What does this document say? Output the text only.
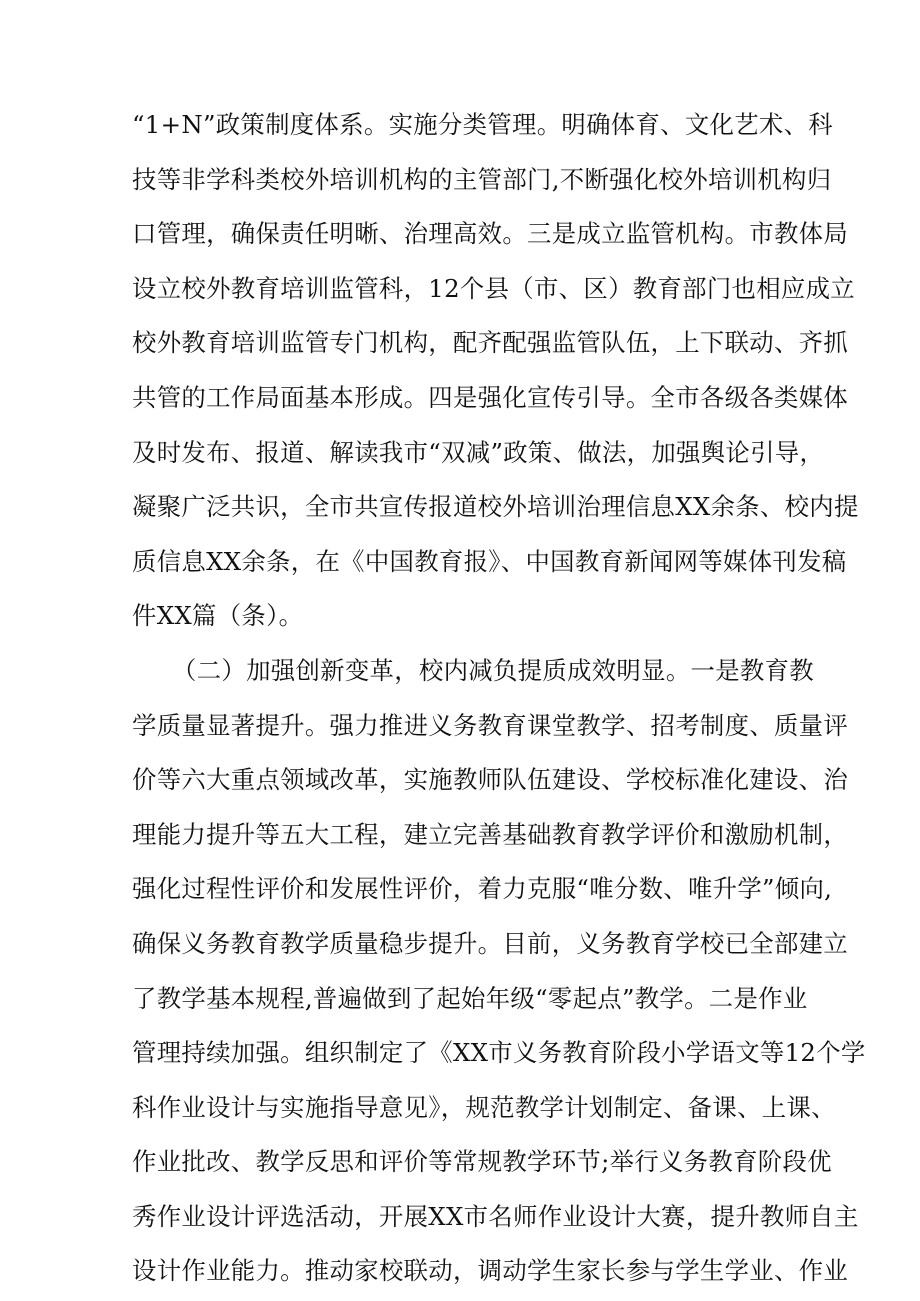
“1+N”政策制度体系。实施分类管理。明确体育、文化艺术、科
技等非学科类校外培训机构的主管部门,不断强化校外培训机构归
口管理，确保责任明晰、治理高效。三是成立监管机构。市教体局
设立校外教育培训监管科，12个县（市、区）教育部门也相应成立
校外教育培训监管专门机构，配齐配强监管队伍，上下联动、齐抓
共管的工作局面基本形成。四是强化宣传引导。全市各级各类媒体
及时发布、报道、解读我市“双减”政策、做法，加强舆论引导，
凝聚广泛共识，全市共宣传报道校外培训治理信息XX余条、校内提
质信息XX余条，在《中国教育报》、中国教育新闻网等媒体刊发稿
件XX篇（条）。
（二）加强创新变革，校内减负提质成效明显。一是教育教
学质量显著提升。强力推进义务教育课堂教学、招考制度、质量评
价等六大重点领域改革，实施教师队伍建设、学校标准化建设、治
理能力提升等五大工程，建立完善基础教育教学评价和激励机制，
强化过程性评价和发展性评价，着力克服“唯分数、唯升学”倾向,
确保义务教育教学质量稳步提升。目前，义务教育学校已全部建立
了教学基本规程,普遍做到了起始年级“零起点”教学。二是作业
管理持续加强。组织制定了《XX市义务教育阶段小学语文等12个学
科作业设计与实施指导意见》，规范教学计划制定、备课、上课、
作业批改、教学反思和评价等常规教学环节;举行义务教育阶段优
秀作业设计评选活动，开展XX市名师作业设计大赛，提升教师自主
设计作业能力。推动家校联动，调动学生家长参与学生学业、作业
